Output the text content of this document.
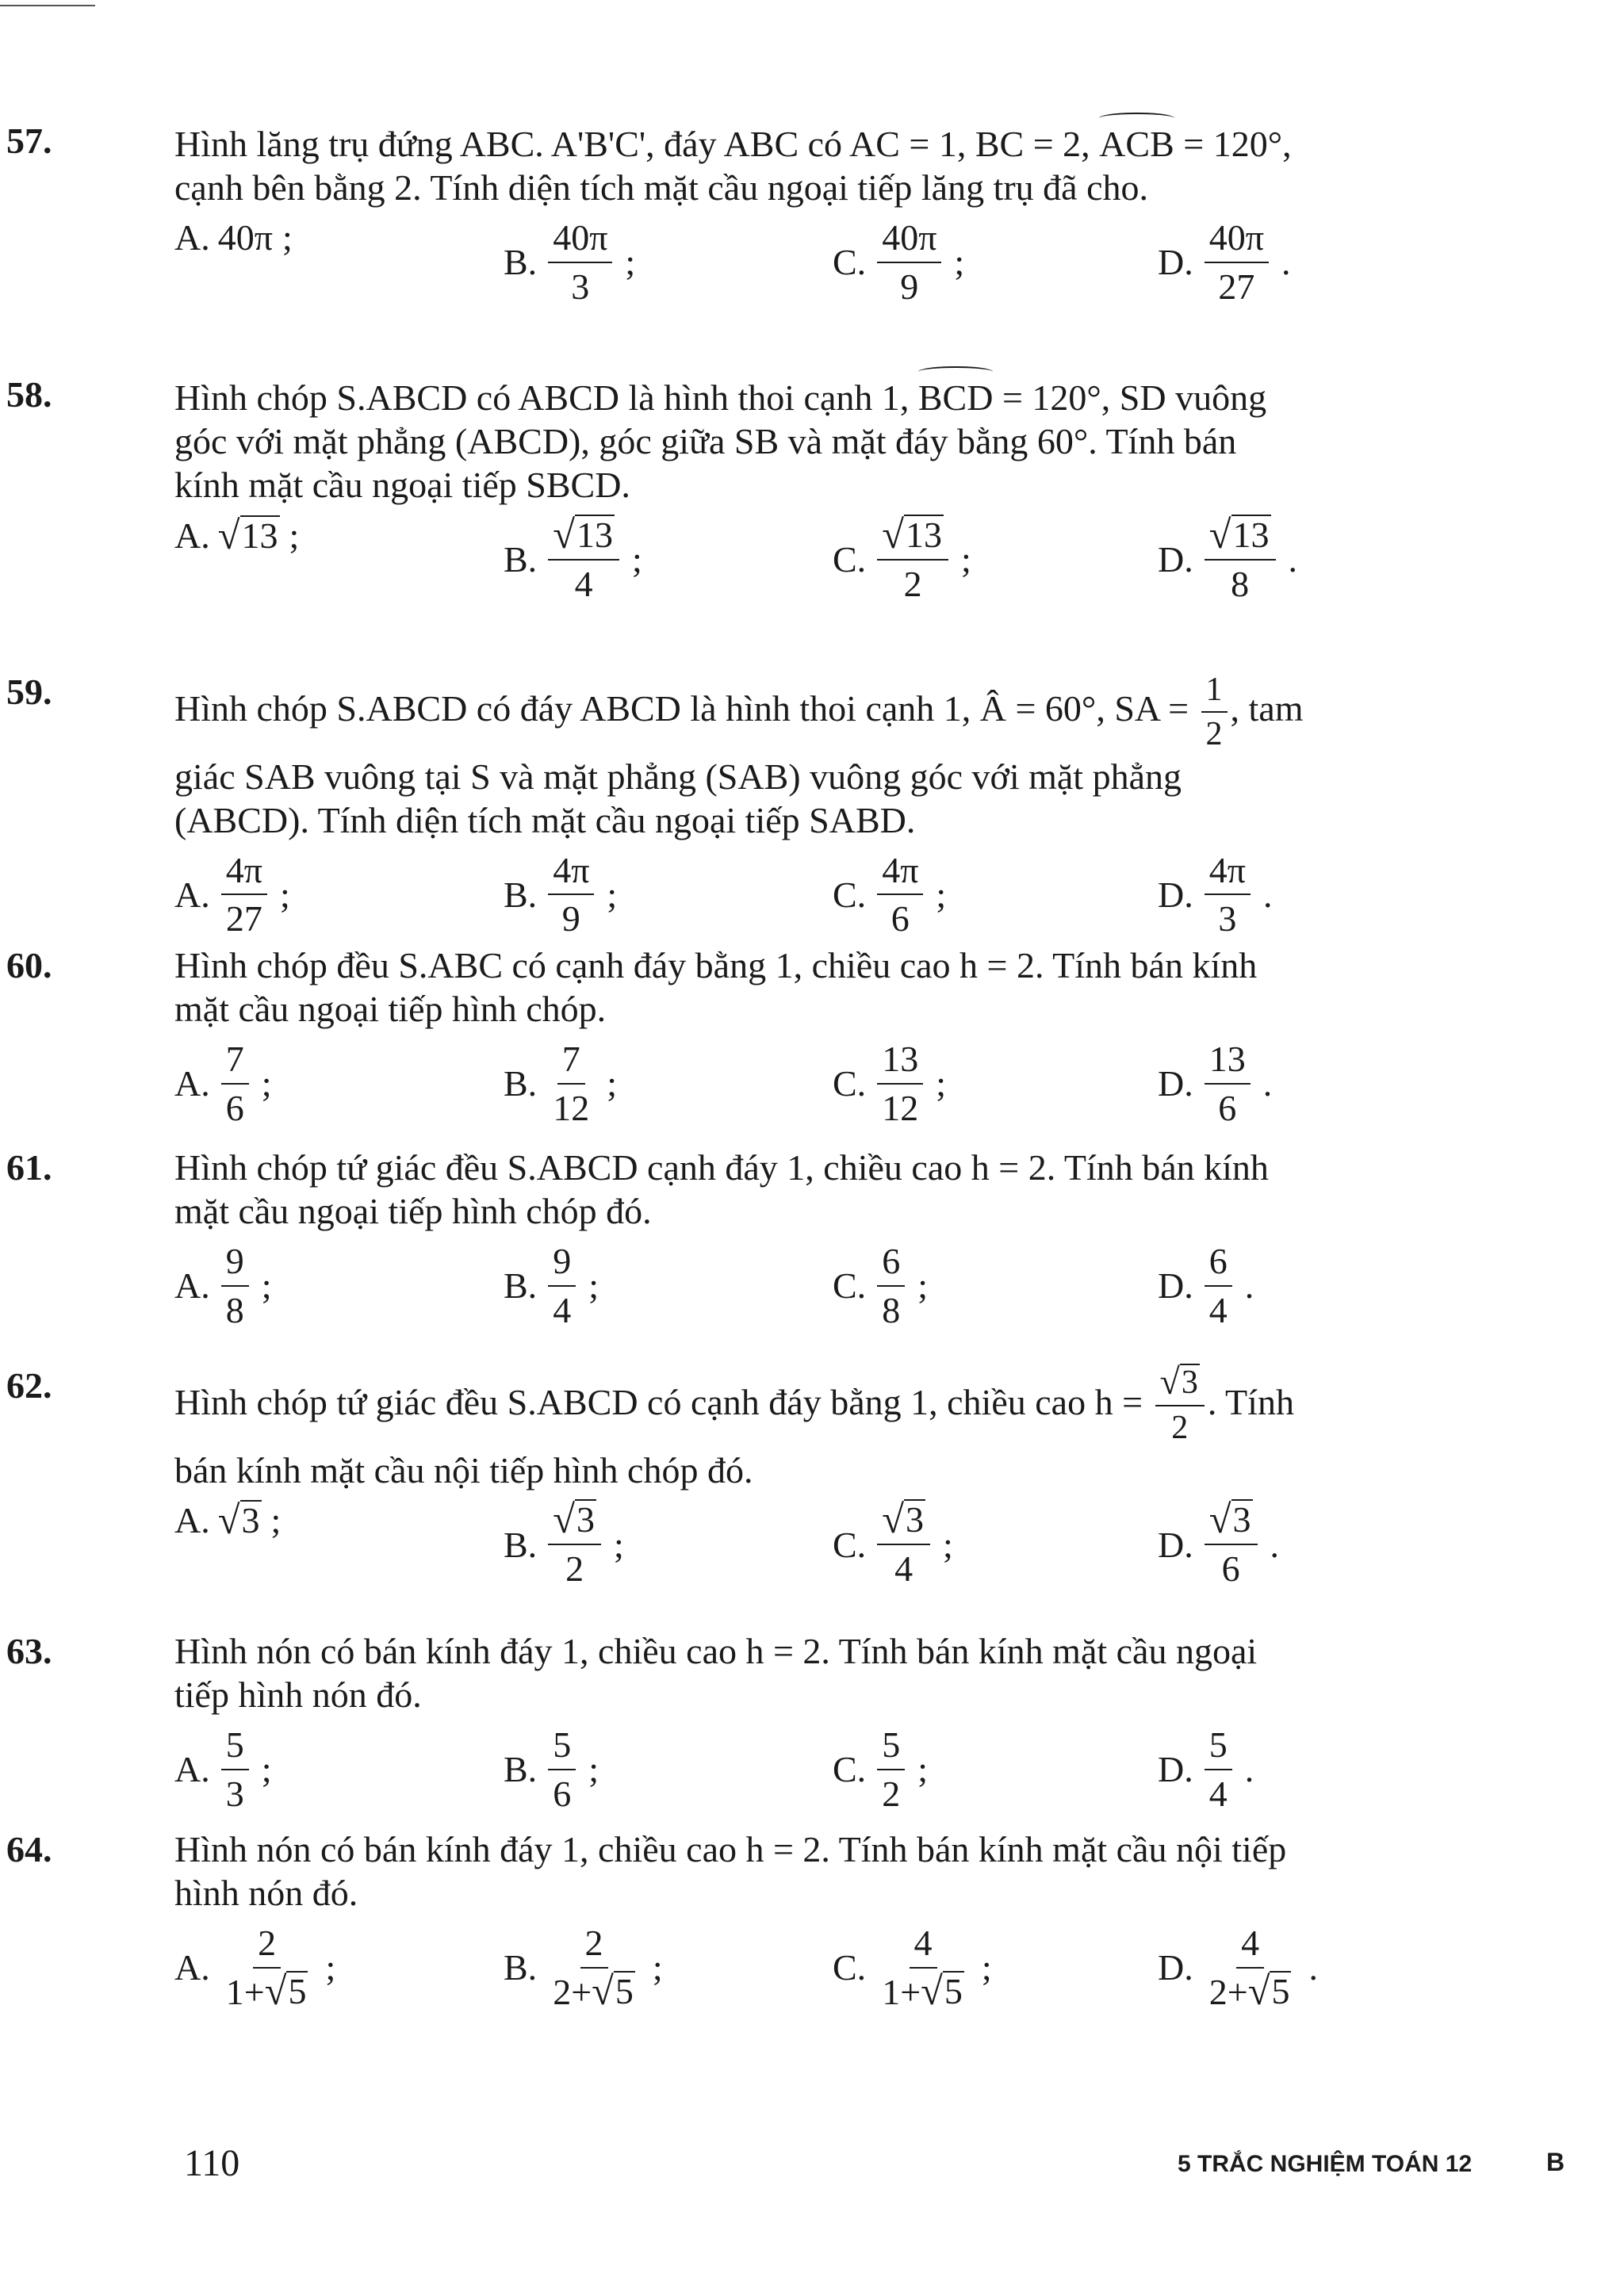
57.	Hình lăng trụ đứng ABC. A'B'C', đáy ABC có AC = 1, BC = 2, ACB = 120°,

cạnh bên bằng 2. Tính diện tích mặt cầu ngoại tiếp lăng trụ đã cho.

A. 40π ;
B. $\frac{40\pi}{3}$ ;	C. $\frac{40\pi}{9}$ ;	D. $\frac{40\pi}{27}$ .
58.	Hình chóp S.ABCD có ABCD là hình thoi cạnh 1, BCD = 120°, SD vuông

góc với mặt phẳng (ABCD), góc giữa SB và mặt đáy bằng 60°. Tính bán

kính mặt cầu ngoại tiếp SBCD.

A. √ 13 ;
B. $\frac{√ 13}{4}$ ;	C. $\frac{√ 13}{2}$ ;	D. $\frac{√ 13}{8}$ .
59.	Hình chóp S.ABCD có đáy ABCD là hình thoi cạnh 1, Â = 60°, SA = $\frac{1}{2}$ , tam

giác SAB vuông tại S và mặt phẳng (SAB) vuông góc với mặt phẳng

(ABCD). Tính diện tích mặt cầu ngoại tiếp SABD.

A. $\frac{4\pi}{27}$ ;	B. $\frac{4\pi}{9}$ ;	C. $\frac{4\pi}{6}$ ;	D. $\frac{4\pi}{3}$ .
60.	Hình chóp đều S.ABC có cạnh đáy bằng 1, chiều cao h = 2. Tính bán kính

mặt cầu ngoại tiếp hình chóp.

A. $\frac{7}{6}$ ;	B. $\frac{7}{12}$ ;	C. $\frac{13}{12}$ ;	D. $\frac{13}{6}$ .
61.	Hình chóp tứ giác đều S.ABCD cạnh đáy 1, chiều cao h = 2. Tính bán kính

mặt cầu ngoại tiếp hình chóp đó.

A. $\frac{9}{8}$ ;	B. $\frac{9}{4}$ ;	C. $\frac{6}{8}$ ;	D. $\frac{6}{4}$ .
62.	Hình chóp tứ giác đều S.ABCD có cạnh đáy bằng 1, chiều cao $h = \frac{√ 3}{2}$ . Tính

bán kính mặt cầu nội tiếp hình chóp đó.

A. √ 3 ;
B. $\frac{√ 3}{2}$ ;	C. $\frac{√ 3}{4}$ ;	D. $\frac{√ 3}{6}$ .
63.	Hình nón có bán kính đáy 1, chiều cao h = 2. Tính bán kính mặt cầu ngoại

tiếp hình nón đó.

A. $\frac{5}{3}$ ;	B. $\frac{5}{6}$ ;	C. $\frac{5}{2}$ ;	D. $\frac{5}{4}$ .
64.	Hình nón có bán kính đáy 1, chiều cao h = 2. Tính bán kính mặt cầu nội tiếp

hình nón đó.

A. $\frac{2}{1+ √ 5}$ ;	B. $\frac{2}{2+ √ 5}$ ;	C. $\frac{4}{1+ √ 5}$ ;	D. $\frac{4}{2+ √ 5}$ .
110	5 TRẮC NGHIỆM TOÁN 12	B
